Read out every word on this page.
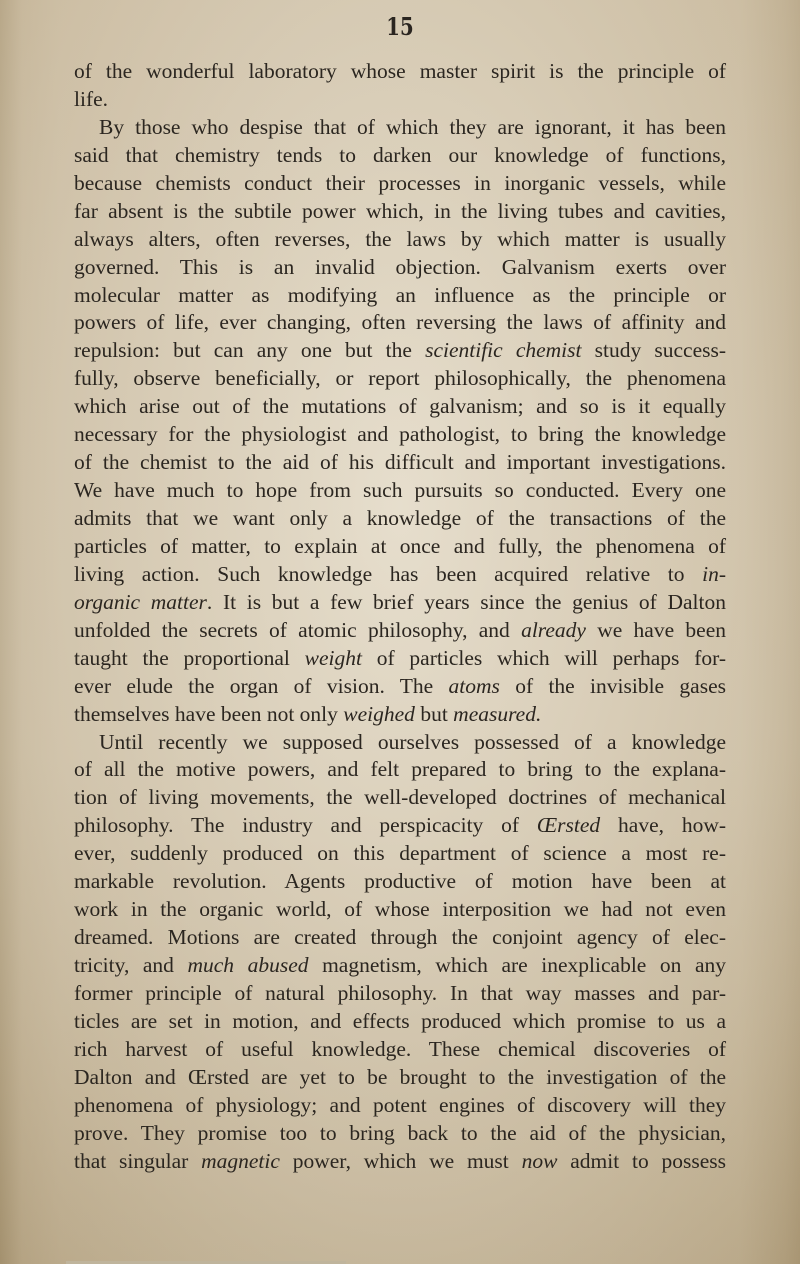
15
of the wonderful laboratory whose master spirit is the principle of
life.
By those who despise that of which they are ignorant, it has been
said that chemistry tends to darken our knowledge of functions,
because chemists conduct their processes in inorganic vessels, while
far absent is the subtile power which, in the living tubes and cavities,
always alters, often reverses, the laws by which matter is usually
governed. This is an invalid objection. Galvanism exerts over
molecular matter as modifying an influence as the principle or
powers of life, ever changing, often reversing the laws of affinity and
repulsion: but can any one but the scientific chemist study success-
fully, observe beneficially, or report philosophically, the phenomena
which arise out of the mutations of galvanism; and so is it equally
necessary for the physiologist and pathologist, to bring the knowledge
of the chemist to the aid of his difficult and important investigations.
We have much to hope from such pursuits so conducted. Every one
admits that we want only a knowledge of the transactions of the
particles of matter, to explain at once and fully, the phenomena of
living action. Such knowledge has been acquired relative to in-
organic matter. It is but a few brief years since the genius of Dalton
unfolded the secrets of atomic philosophy, and already we have been
taught the proportional weight of particles which will perhaps for-
ever elude the organ of vision. The atoms of the invisible gases
themselves have been not only weighed but measured.
Until recently we supposed ourselves possessed of a knowledge
of all the motive powers, and felt prepared to bring to the explana-
tion of living movements, the well-developed doctrines of mechanical
philosophy. The industry and perspicacity of Œrsted have, how-
ever, suddenly produced on this department of science a most re-
markable revolution. Agents productive of motion have been at
work in the organic world, of whose interposition we had not even
dreamed. Motions are created through the conjoint agency of elec-
tricity, and much abused magnetism, which are inexplicable on any
former principle of natural philosophy. In that way masses and par-
ticles are set in motion, and effects produced which promise to us a
rich harvest of useful knowledge. These chemical discoveries of
Dalton and Œrsted are yet to be brought to the investigation of the
phenomena of physiology; and potent engines of discovery will they
prove. They promise too to bring back to the aid of the physician,
that singular magnetic power, which we must now admit to possess
